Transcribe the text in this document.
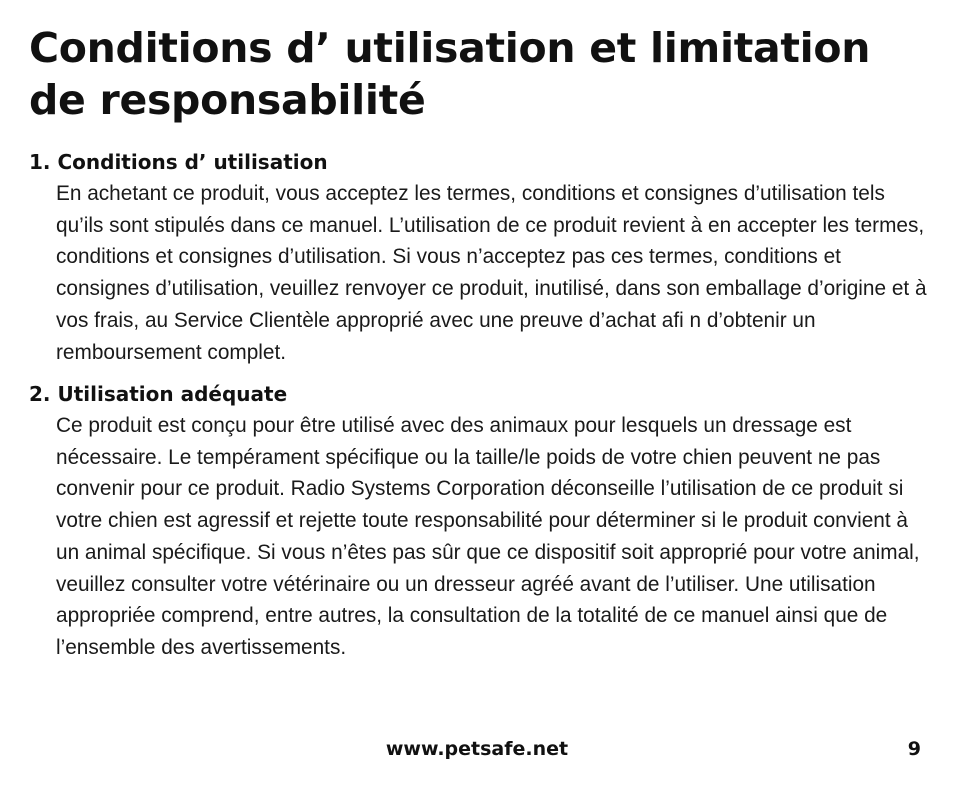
Conditions d’ utilisation et limitation
de responsabilité
1. Conditions d’ utilisation

En achetant ce produit, vous acceptez les termes, conditions et consignes d’utilisation tels qu’ils sont stipulés dans ce manuel. L’utilisation de ce produit revient à en accepter les termes, conditions et consignes d’utilisation. Si vous n’acceptez pas ces termes, conditions et consignes d’utilisation, veuillez renvoyer ce produit, inutilisé, dans son emballage d’origine et à vos frais, au Service Clientèle approprié avec une preuve d’achat afi n d’obtenir un remboursement complet.

2. Utilisation adéquate

Ce produit est conçu pour être utilisé avec des animaux pour lesquels un dressage est nécessaire. Le tempérament spécifique ou la taille/le poids de votre chien peuvent ne pas convenir pour ce produit. Radio Systems Corporation déconseille l’utilisation de ce produit si votre chien est agressif et rejette toute responsabilité pour déterminer si le produit convient à un animal spécifique. Si vous n’êtes pas sûr que ce dispositif soit approprié pour votre animal, veuillez consulter votre vétérinaire ou un dresseur agréé avant de l’utiliser. Une utilisation appropriée comprend, entre autres, la consultation de la totalité de ce manuel ainsi que de l’ensemble des avertissements.

www.petsafe.net	9
